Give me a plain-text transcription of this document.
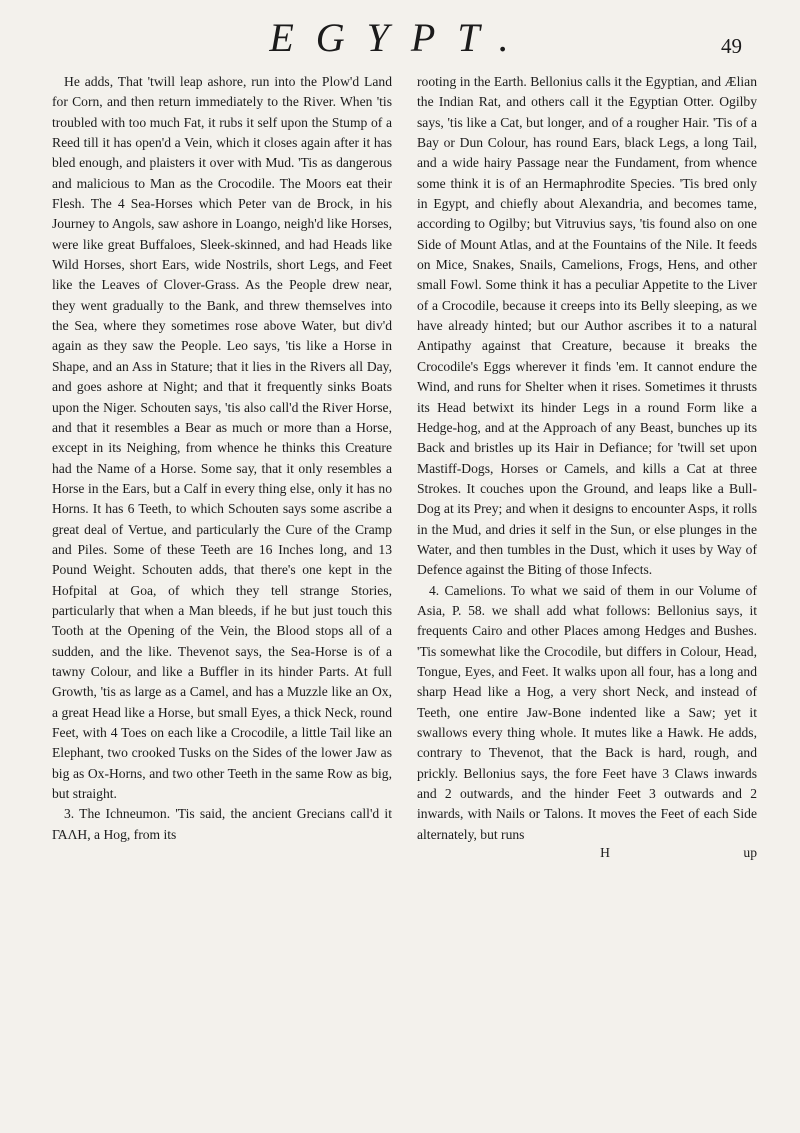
EGYPT.	49

He adds, That 'twill leap ashore, run into the Plow'd Land for Corn, and then return immediately to the River. When 'tis troubled with too much Fat, it rubs it self upon the Stump of a Reed till it has open'd a Vein, which it closes again after it has bled enough, and plaisters it over with Mud. 'Tis as dangerous and malicious to Man as the Crocodile. The Moors eat their Flesh. The 4 Sea-Horses which Peter van de Brock, in his Journey to Angols, saw ashore in Loango, neigh'd like Horses, were like great Buffaloes, Sleek-skinned, and had Heads like Wild Horses, short Ears, wide Nostrils, short Legs, and Feet like the Leaves of Clover-Grass. As the People drew near, they went gradually to the Bank, and threw themselves into the Sea, where they sometimes rose above Water, but div'd again as they saw the People. Leo says, 'tis like a Horse in Shape, and an Ass in Stature; that it lies in the Rivers all Day, and goes ashore at Night; and that it frequently sinks Boats upon the Niger. Schouten says, 'tis also call'd the River Horse, and that it resembles a Bear as much or more than a Horse, except in its Neighing, from whence he thinks this Creature had the Name of a Horse. Some say, that it only resembles a Horse in the Ears, but a Calf in every thing else, only it has no Horns. It has 6 Teeth, to which Schouten says some ascribe a great deal of Vertue, and particularly the Cure of the Cramp and Piles. Some of these Teeth are 16 Inches long, and 13 Pound Weight. Schouten adds, that there's one kept in the Hofpital at Goa, of which they tell strange Stories, particularly that when a Man bleeds, if he but just touch this Tooth at the Opening of the Vein, the Blood stops all of a sudden, and the like. Thevenot says, the Sea-Horse is of a tawny Colour, and like a Buffler in its hinder Parts. At full Growth, 'tis as large as a Camel, and has a Muzzle like an Ox, a great Head like a Horse, but small Eyes, a thick Neck, round Feet, with 4 Toes on each like a Crocodile, a little Tail like an Elephant, two crooked Tusks on the Sides of the lower Jaw as big as Ox-Horns, and two other Teeth in the same Row as big, but straight.

3. The Ichneumon. 'Tis said, the ancient Grecians call'd it ΓΑΛΗ, a Hog, from its

rooting in the Earth. Bellonius calls it the Egyptian, and Ælian the Indian Rat, and others call it the Egyptian Otter. Ogilby says, 'tis like a Cat, but longer, and of a rougher Hair. 'Tis of a Bay or Dun Colour, has round Ears, black Legs, a long Tail, and a wide hairy Passage near the Fundament, from whence some think it is of an Hermaphrodite Species. 'Tis bred only in Egypt, and chiefly about Alexandria, and becomes tame, according to Ogilby; but Vitruvius says, 'tis found also on one Side of Mount Atlas, and at the Fountains of the Nile. It feeds on Mice, Snakes, Snails, Camelions, Frogs, Hens, and other small Fowl. Some think it has a peculiar Appetite to the Liver of a Crocodile, because it creeps into its Belly sleeping, as we have already hinted; but our Author ascribes it to a natural Antipathy against that Creature, because it breaks the Crocodile's Eggs wherever it finds 'em. It cannot endure the Wind, and runs for Shelter when it rises. Sometimes it thrusts its Head betwixt its hinder Legs in a round Form like a Hedge-hog, and at the Approach of any Beast, bunches up its Back and bristles up its Hair in Defiance; for 'twill set upon Mastiff-Dogs, Horses or Camels, and kills a Cat at three Strokes. It couches upon the Ground, and leaps like a Bull-Dog at its Prey; and when it designs to encounter Asps, it rolls in the Mud, and dries it self in the Sun, or else plunges in the Water, and then tumbles in the Dust, which it uses by Way of Defence against the Biting of those Infects.

4. Camelions. To what we said of them in our Volume of Asia, P. 58. we shall add what follows: Bellonius says, it frequents Cairo and other Places among Hedges and Bushes. 'Tis somewhat like the Crocodile, but differs in Colour, Head, Tongue, Eyes, and Feet. It walks upon all four, has a long and sharp Head like a Hog, a very short Neck, and instead of Teeth, one entire Jaw-Bone indented like a Saw; yet it swallows every thing whole. It mutes like a Hawk. He adds, contrary to Thevenot, that the Back is hard, rough, and prickly. Bellonius says, the fore Feet have 3 Claws inwards and 2 outwards, and the hinder Feet 3 outwards and 2 inwards, with Nails or Talons. It moves the Feet of each Side alternately, but runs

H	up
